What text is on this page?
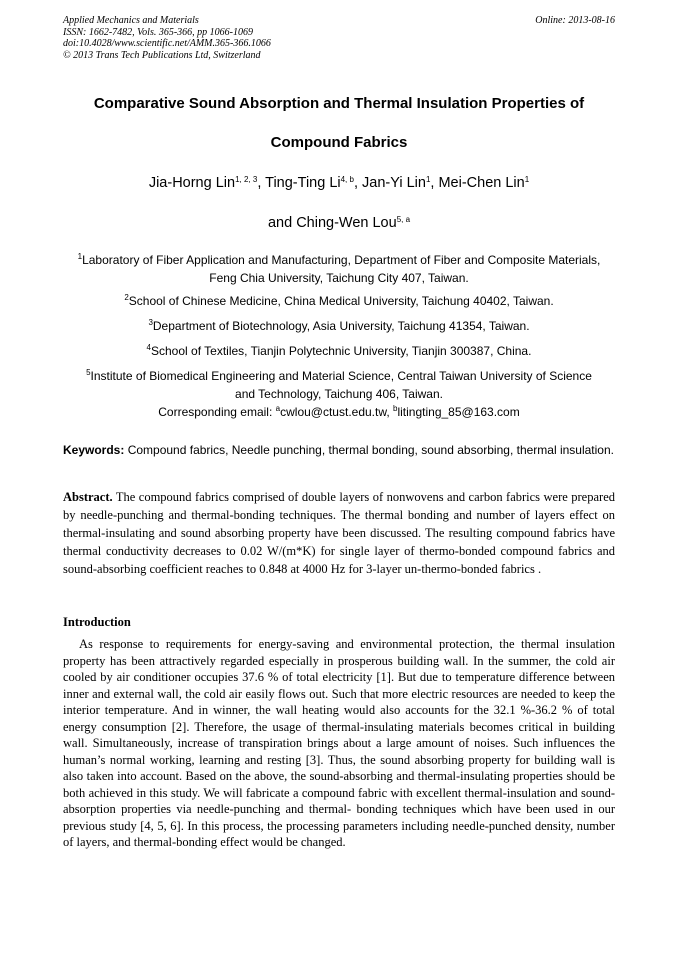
Applied Mechanics and Materials
ISSN: 1662-7482, Vols. 365-366, pp 1066-1069
doi:10.4028/www.scientific.net/AMM.365-366.1066
© 2013 Trans Tech Publications Ltd, Switzerland
Online: 2013-08-16
Comparative Sound Absorption and Thermal Insulation Properties of
Compound Fabrics
Jia-Horng Lin$^{1, 2, 3}$, Ting-Ting Li$^{4, b}$, Jan-Yi Lin$^1$, Mei-Chen Lin$^1$
and Ching-Wen Lou$^{5, a}$
$^1$Laboratory of Fiber Application and Manufacturing, Department of Fiber and Composite Materials,
Feng Chia University, Taichung City 407, Taiwan.
$^2$School of Chinese Medicine, China Medical University, Taichung 40402, Taiwan.
$^3$Department of Biotechnology, Asia University, Taichung 41354, Taiwan.
$^4$School of Textiles, Tianjin Polytechnic University, Tianjin 300387, China.
$^5$Institute of Biomedical Engineering and Material Science, Central Taiwan University of Science
and Technology, Taichung 406, Taiwan.
Corresponding email: $^a$cwlou@ctust.edu.tw, $^b$litingting_85@163.com
Keywords: Compound fabrics, Needle punching, thermal bonding, sound absorbing, thermal insulation.
Abstract. The compound fabrics comprised of double layers of nonwovens and carbon fabrics were prepared by needle-punching and thermal-bonding techniques. The thermal bonding and number of layers effect on thermal-insulating and sound absorbing property have been discussed. The resulting compound fabrics have thermal conductivity decreases to 0.02 W/(m*K) for single layer of thermo-bonded compound fabrics and sound-absorbing coefficient reaches to 0.848 at 4000 Hz for 3-layer un-thermo-bonded fabrics .
Introduction

As response to requirements for energy-saving and environmental protection, the thermal insulation property has been attractively regarded especially in prosperous building wall. In the summer, the cold air cooled by air conditioner occupies 37.6 % of total electricity [1]. But due to temperature difference between inner and external wall, the cold air easily flows out. Such that more electric resources are needed to keep the interior temperature. And in winner, the wall heating would also accounts for the 32.1 %-36.2 % of total energy consumption [2]. Therefore, the usage of thermal-insulating materials becomes critical in building wall. Simultaneously, increase of transpiration brings about a large amount of noises. Such influences the human’s normal working, learning and resting [3]. Thus, the sound absorbing property for building wall is also taken into account. Based on the above, the sound-absorbing and thermal-insulating properties should be both achieved in this study. We will fabricate a compound fabric with excellent thermal-insulation and sound-absorption properties via needle-punching and thermal- bonding techniques which have been used in our previous study [4, 5, 6]. In this process, the processing parameters including needle-punched density, number of layers, and thermal-bonding effect would be changed.
